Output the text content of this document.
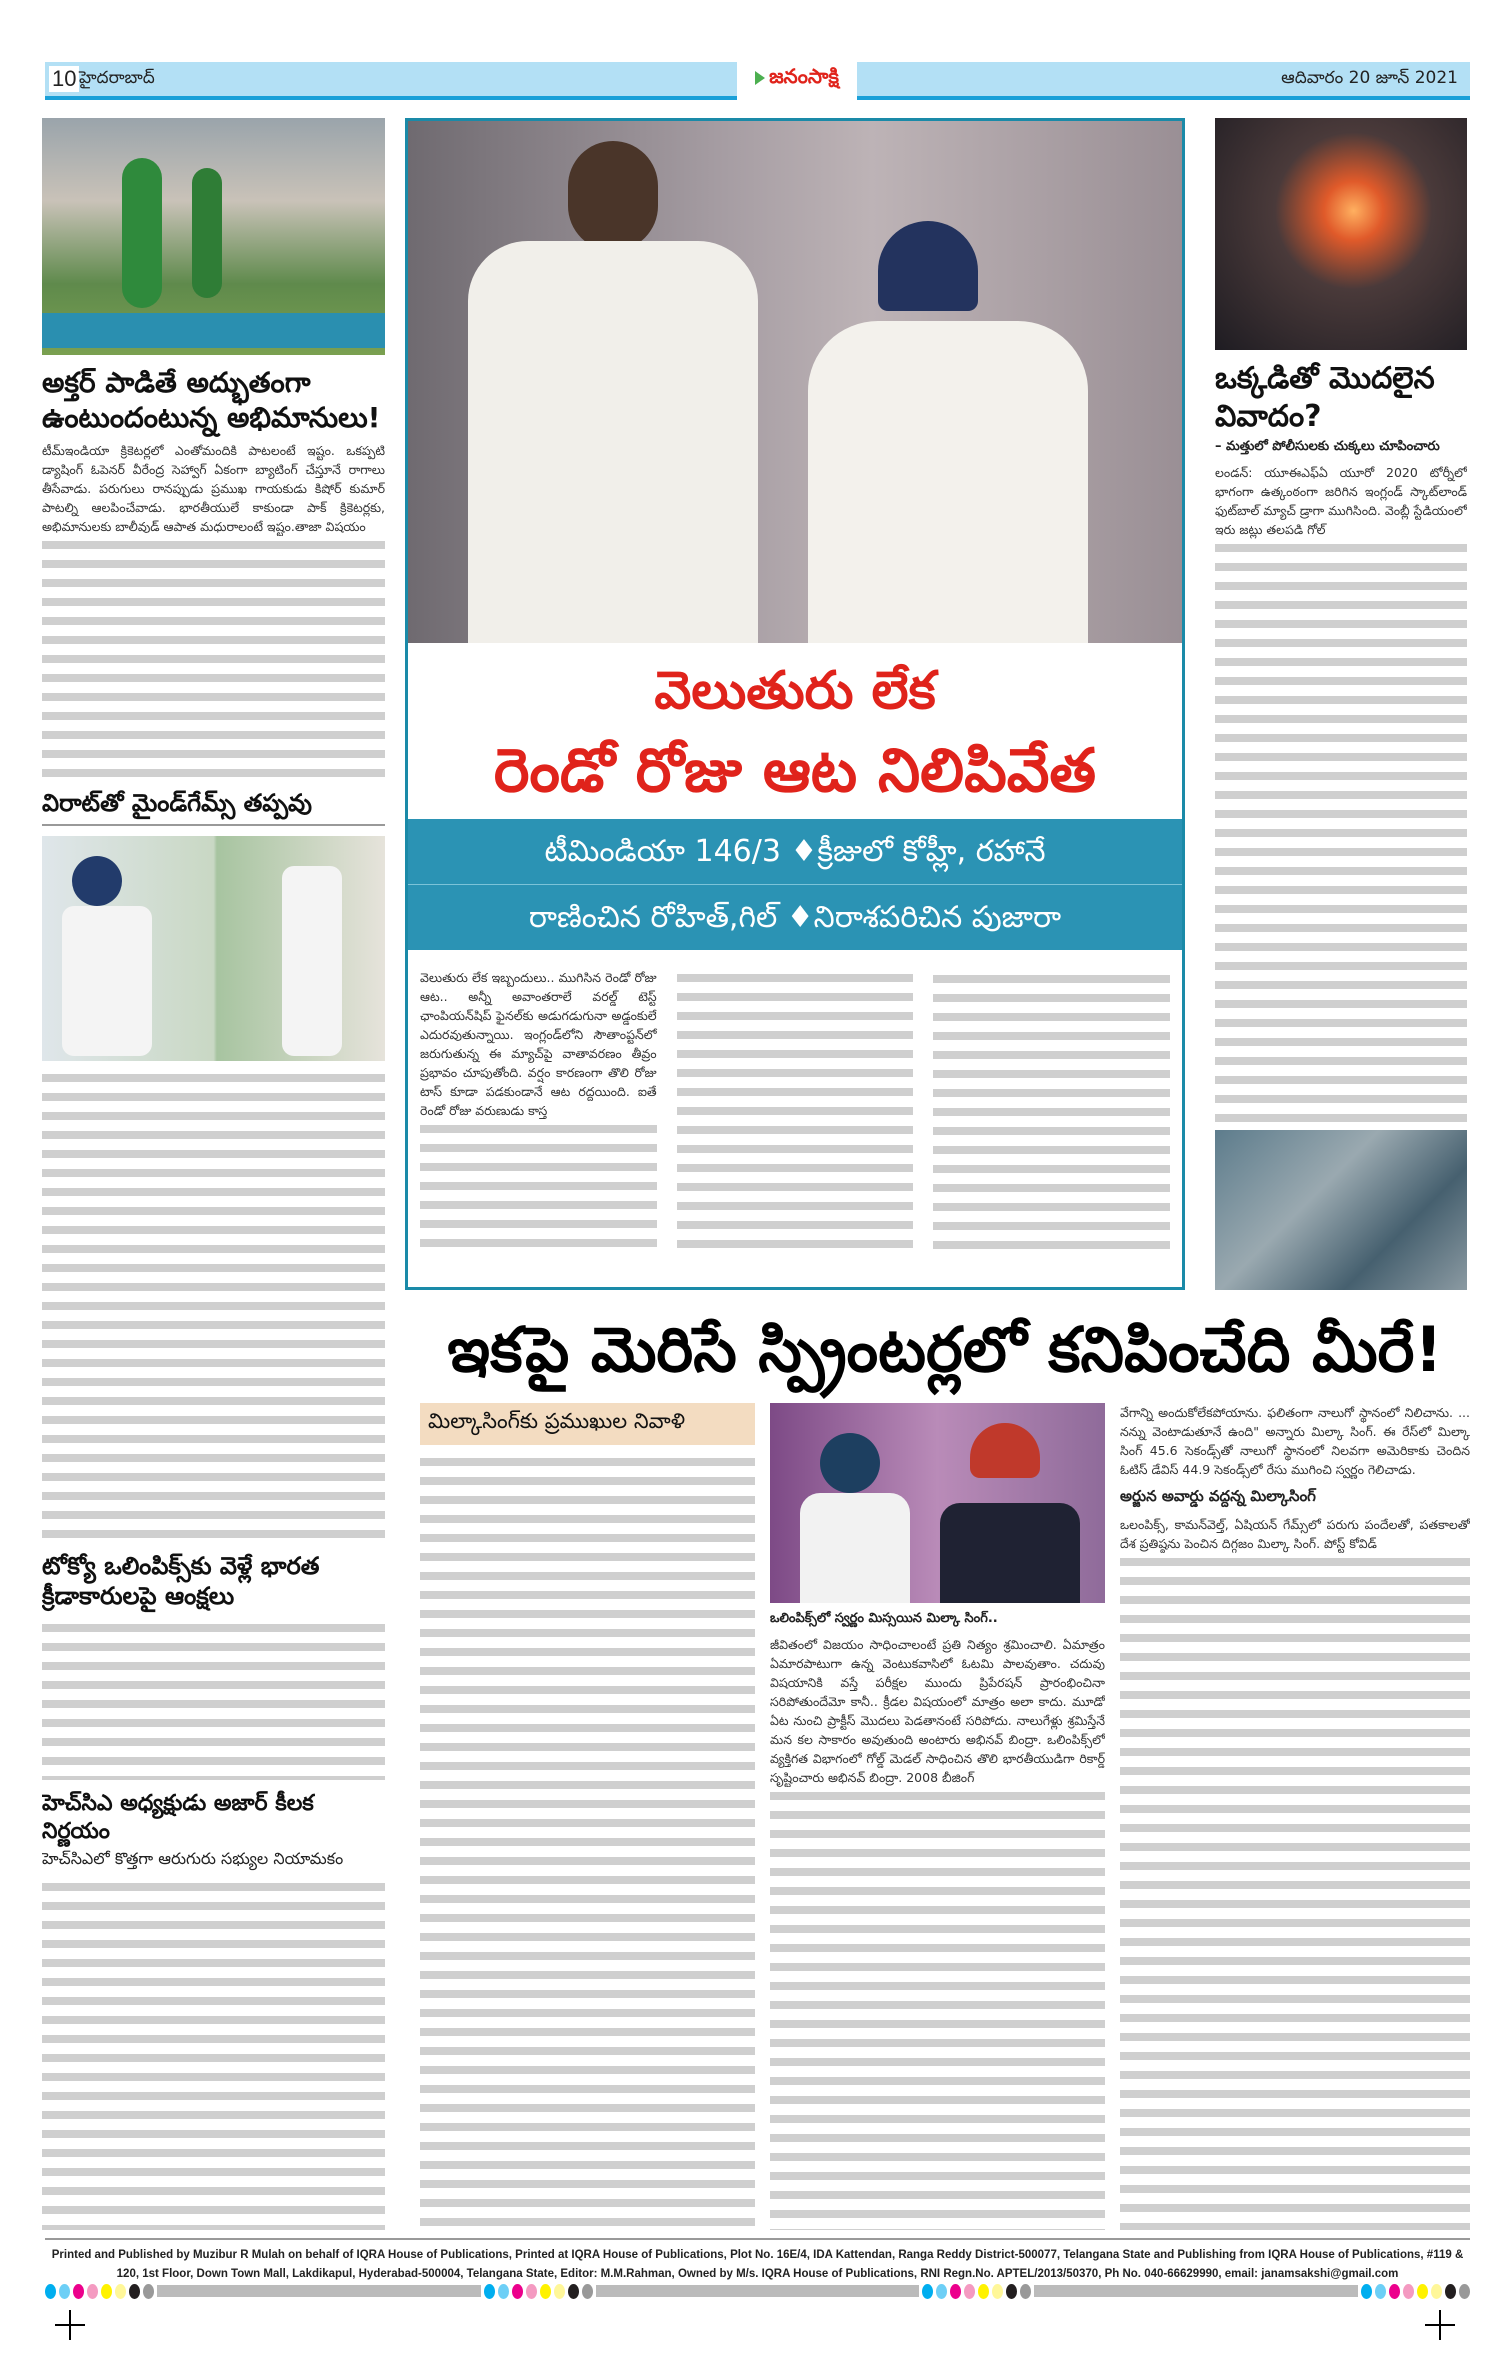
10 హైదరాబాద్	జనంసాక్షి	ఆదివారం 20 జూన్ 2021
అక్తర్ పాడితే అద్భుతంగా ఉంటుందంటున్న అభిమానులు!
టీమ్‌ఇండియా క్రికెటర్లలో ఎంతోమందికి పాటలంటే ఇష్టం. ఒకప్పటి డ్యాషింగ్ ఓపెనర్ వీరేంద్ర సెహ్వాగ్ ఏకంగా బ్యాటింగ్ చేస్తూనే రాగాలు తీసేవాడు. పరుగులు రానప్పుడు ప్రముఖ గాయకుడు కిషోర్ కుమార్ పాటల్ని ఆలపించేవాడు. భారతీయులే కాకుండా పాక్ క్రికెటర్లకు, అభిమానులకు బాలీవుడ్ ఆపాత మధురాలంటే ఇష్టం.తాజా విషయం
విరాట్‌తో మైండ్‌గేమ్స్ తప్పవు
టోక్యో ఒలింపిక్స్‌కు వెళ్లే భారత క్రీడాకారులపై ఆంక్షలు
హెచ్‌సిఎ అధ్యక్షుడు అజార్ కీలక నిర్ణయం
హెచ్‌సిఎలో కొత్తగా ఆరుగురు సభ్యుల నియామకం
వెలుతురు లేక
రెండో రోజు ఆట నిలిపివేత
టీమిండియా 146/3 ♦క్రీజులో కోహ్లీ, రహానే
రాణించిన రోహిత్,గిల్ ♦నిరాశపరిచిన పుజారా
వెలుతురు లేక ఇబ్బందులు.. ముగిసిన రెండో రోజు ఆట.. అన్నీ అవాంతరాలే వరల్డ్ టెస్ట్ ఛాంపియన్‌షిప్ ఫైనల్‌కు అడుగడుగునా అడ్డంకులే ఎదురవుతున్నాయి. ఇంగ్లండ్‌లోని సౌతాంప్టన్‌లో జరుగుతున్న ఈ మ్యాచ్‌పై వాతావరణం తీవ్రం ప్రభావం చూపుతోంది. వర్షం కారణంగా తొలి రోజు టాస్ కూడా పడకుండానే ఆట రద్దయింది. ఐతే రెండో రోజు వరుణుడు కాస్త
ఒక్కడితో మొదలైన వివాదం?
– మత్తులో పోలీసులకు చుక్కలు చూపించారు
లండన్: యూఈఎఫ్ఏ యూరో 2020 టోర్నీలో భాగంగా ఉత్కంఠంగా జరిగిన ఇంగ్లండ్ స్కాట్‌లాండ్ ఫుట్‌బాల్ మ్యాచ్ డ్రాగా ముగిసింది. వెంబ్లీ స్టేడియంలో ఇరు జట్లు తలపడి గోల్
ఇకపై మెరిసే స్ప్రింటర్లలో కనిపించేది మీరే!
మిల్కాసింగ్‌కు ప్రముఖుల నివాళి
ఒలింపిక్స్‌లో స్వర్ణం మిస్సయిన మిల్కా సింగ్..
జీవితంలో విజయం సాధించాలంటే ప్రతి నిత్యం శ్రమించాలి. ఏమాత్రం ఏమారపాటుగా ఉన్న వెంటుకవాసిలో ఓటమి పాలవుతాం. చదువు విషయానికి వస్తే పరీక్షల ముందు ప్రిపేరషన్ ప్రారంభించినా సరిపోతుందేమో కానీ.. క్రీడల విషయంలో మాత్రం అలా కాదు. మూడో ఏట నుంచి ప్రాక్టీస్ మొదలు పెడతానంటే సరిపోదు. నాలుగేళ్లు శ్రమిస్తేనే మన కల సాకారం అవుతుంది అంటారు అభినవ్ బింద్రా. ఒలింపిక్స్‌లో వ్యక్తిగత విభాగంలో గోల్డ్ మెడల్ సాధించిన తొలి భారతీయుడిగా రికార్డ్ సృష్టించారు అభినవ్ బింద్రా. 2008 బీజింగ్
వేగాన్ని అందుకోలేకపోయాను. ఫలితంగా నాలుగో స్థానంలో నిలిచాను. ... నన్ను వెంటాడుతూనే ఉంది" అన్నారు మిల్కా సింగ్. ఈ రేస్‌లో మిల్కా సింగ్ 45.6 సెకండ్స్‌తో నాలుగో స్థానంలో నిలవగా అమెరికాకు చెందిన ఓటిస్ డేవిస్ 44.9 సెకండ్స్‌లో రేసు ముగించి స్వర్ణం గెలిచాడు.
అర్జున అవార్డు వద్దన్న మిల్కాసింగ్
ఒలంపిక్స్, కామన్‌వెల్త్, ఏషియన్ గేమ్స్‌లో పరుగు పందేలతో, పతకాలతో దేశ ప్రతిష్ఠను పెంచిన దిగ్గజం మిల్కా సింగ్. పోస్ట్ కోవిడ్
Printed and Published by Muzibur R Mulah on behalf of IQRA House of Publications, Printed at IQRA House of Publications, Plot No. 16E/4, IDA Kattendan, Ranga Reddy District-500077, Telangana State and Publishing from IQRA House of Publications, #119 & 120, 1st Floor, Down Town Mall, Lakdikapul, Hyderabad-500004, Telangana State, Editor: M.M.Rahman, Owned by M/s. IQRA House of Publications, RNI Regn.No. APTEL/2013/50370, Ph No. 040-66629990, email: janamsakshi@gmail.com
